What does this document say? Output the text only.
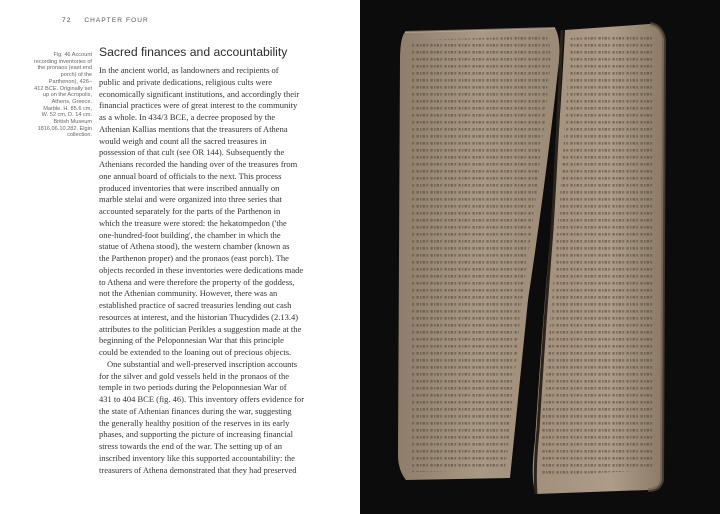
72 CHAPTER FOUR
Fig. 46 Account
recording inventories of
the pronaos (east end
porch) of the
Parthenon), 426–
412 BCE. Originally set
up on the Acropolis,
Athens, Greece.
Marble. H. 85.6 cm,
W. 52 cm, D. 14 cm.
British Museum
1816,06.10.282. Elgin
collection.
Sacred finances and accountability
In the ancient world, as landowners and recipients of
public and private dedications, religious cults were
economically significant institutions, and accordingly their
financial practices were of great interest to the community
as a whole. In 434/3 BCE, a decree proposed by the
Athenian Kallias mentions that the treasurers of Athena
would weigh and count all the sacred treasures in
possession of that cult (see OR 144). Subsequently the
Athenians recorded the handing over of the treasures from
one annual board of officials to the next. This process
produced inventories that were inscribed annually on
marble stelai and were organized into three series that
accounted separately for the parts of the Parthenon in
which the treasure were stored: the hekatompedon ('the
one-hundred-foot building', the chamber in which the
statue of Athena stood), the western chamber (known as
the Parthenon proper) and the pronaos (east porch). The
objects recorded in these inventories were dedications made
to Athena and were therefore the property of the goddess,
not the Athenian community. However, there was an
established practice of sacred treasuries lending out cash
resources at interest, and the historian Thucydides (2.13.4)
attributes to the politician Perikles a suggestion made at the
beginning of the Peloponnesian War that this principle
could be extended to the loaning out of precious objects.
One substantial and well-preserved inscription accounts
for the silver and gold vessels held in the pronaos of the
temple in two periods during the Peloponnesian War of
431 to 404 BCE (fig. 46). This inventory offers evidence for
the state of Athenian finances during the war, suggesting
the generally healthy position of the reserves in its early
phases, and supporting the picture of increasing financial
stress towards the end of the war. The setting up of an
inscribed inventory like this supported accountability: the
treasurers of Athena demonstrated that they had preserved
